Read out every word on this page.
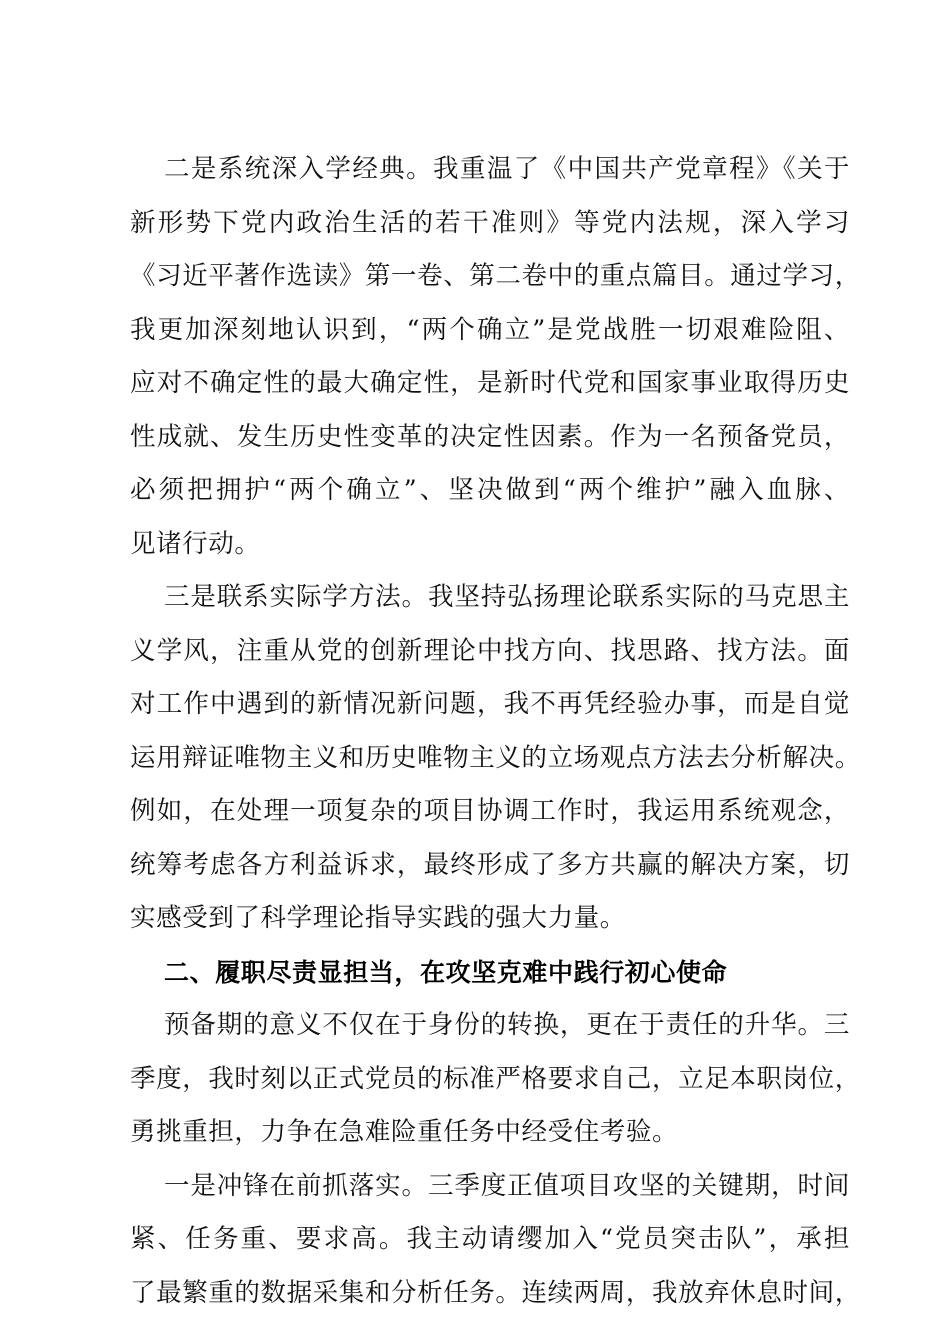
二是系统深入学经典。我重温了《中国共产党章程》《关于
新形势下党内政治生活的若干准则》等党内法规，深入学习
《习近平著作选读》第一卷、第二卷中的重点篇目。通过学习，
我更加深刻地认识到，“两个确立”是党战胜一切艰难险阻、
应对不确定性的最大确定性，是新时代党和国家事业取得历史
性成就、发生历史性变革的决定性因素。作为一名预备党员，
必须把拥护“两个确立”、坚决做到“两个维护”融入血脉、
见诸行动。
三是联系实际学方法。我坚持弘扬理论联系实际的马克思主
义学风，注重从党的创新理论中找方向、找思路、找方法。面
对工作中遇到的新情况新问题，我不再凭经验办事，而是自觉
运用辩证唯物主义和历史唯物主义的立场观点方法去分析解决。
例如，在处理一项复杂的项目协调工作时，我运用系统观念，
统筹考虑各方利益诉求，最终形成了多方共赢的解决方案，切
实感受到了科学理论指导实践的强大力量。
二、履职尽责显担当，在攻坚克难中践行初心使命
预备期的意义不仅在于身份的转换，更在于责任的升华。三
季度，我时刻以正式党员的标准严格要求自己，立足本职岗位，
勇挑重担，力争在急难险重任务中经受住考验。
一是冲锋在前抓落实。三季度正值项目攻坚的关键期，时间
紧、任务重、要求高。我主动请缨加入“党员突击队”，承担
了最繁重的数据采集和分析任务。连续两周，我放弃休息时间，
